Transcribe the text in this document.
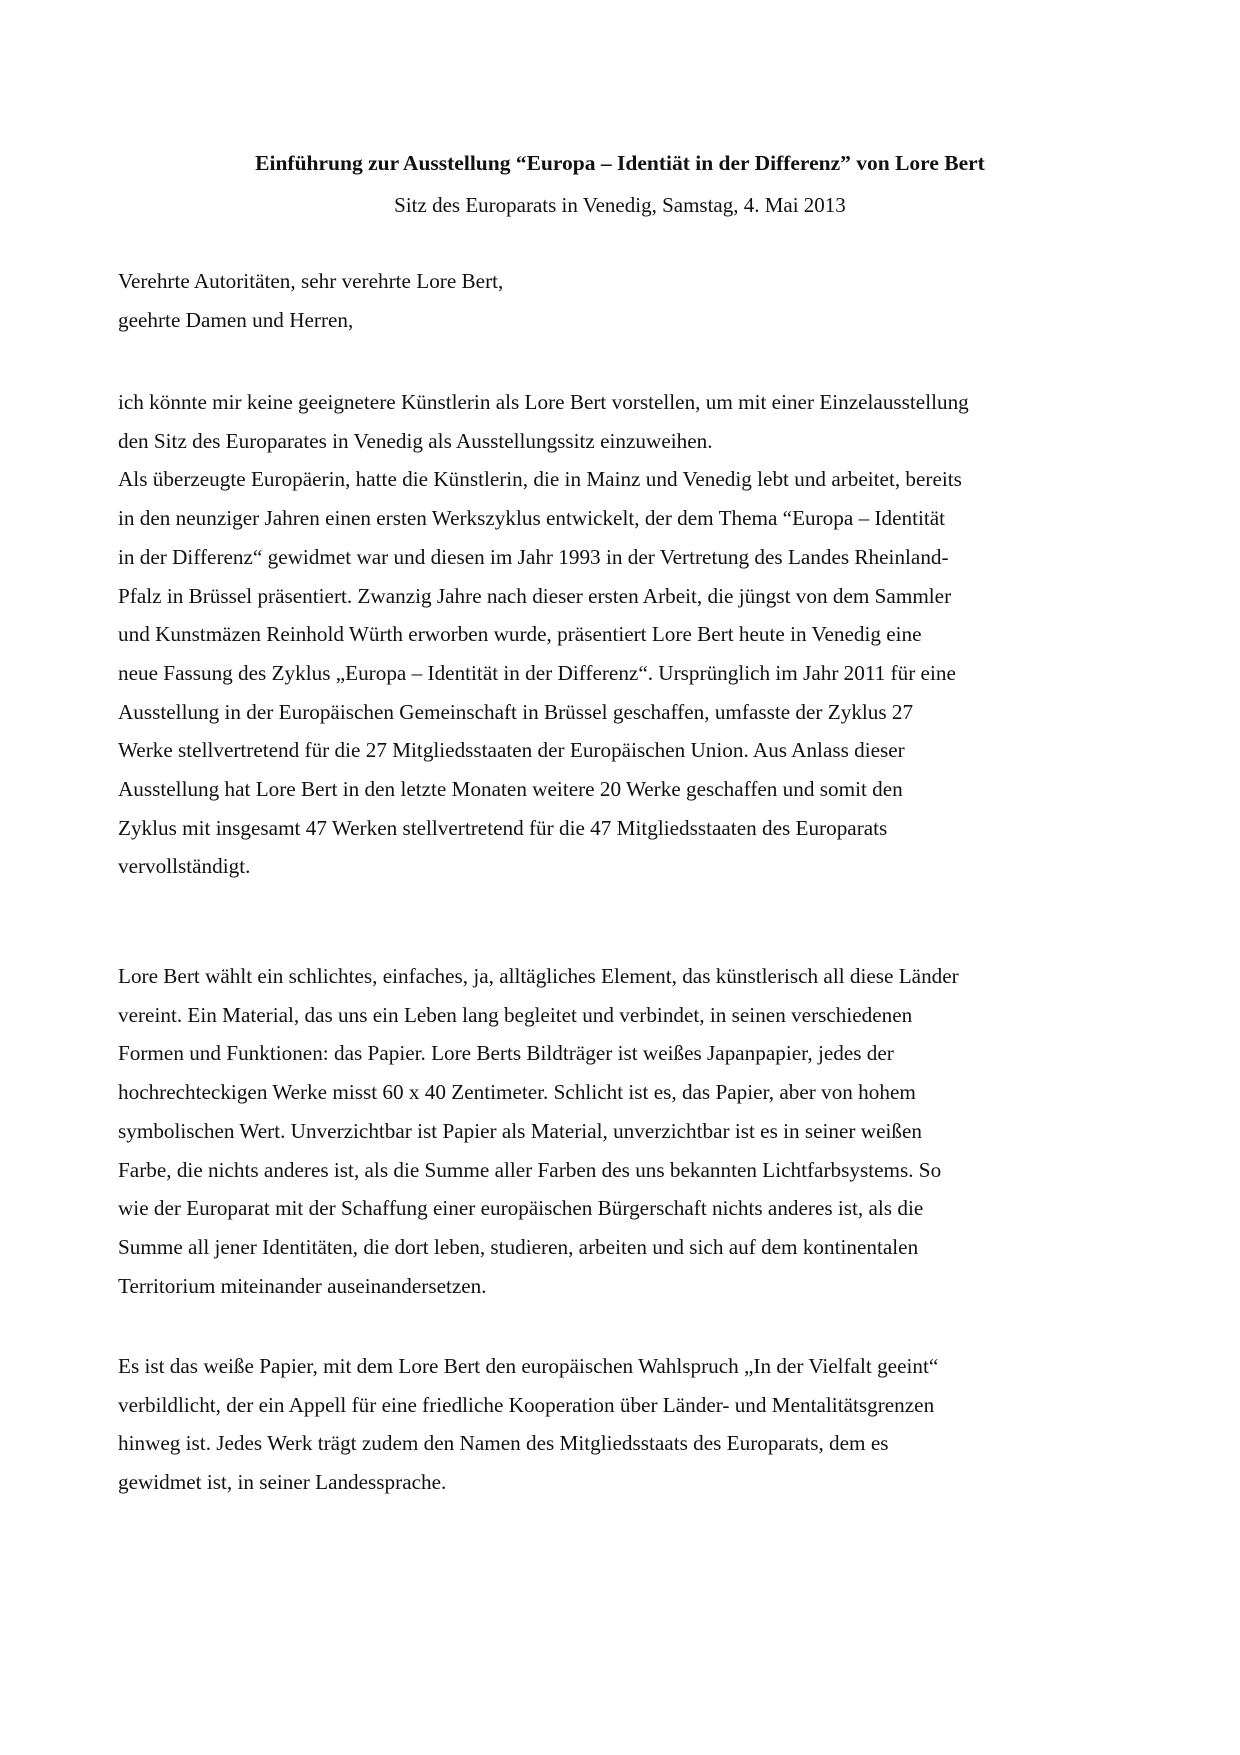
Einführung zur Ausstellung “Europa – Identiät in der Differenz” von Lore Bert

Sitz des Europarats in Venedig, Samstag, 4. Mai 2013

Verehrte Autoritäten, sehr verehrte Lore Bert,
geehrte Damen und Herren,
ich könnte mir keine geeignetere Künstlerin als Lore Bert vorstellen, um mit einer Einzelausstellung
den Sitz des Europarates in Venedig als Ausstellungssitz einzuweihen.
Als überzeugte Europäerin, hatte die Künstlerin, die in Mainz und Venedig lebt und arbeitet, bereits
in den neunziger Jahren einen ersten Werkszyklus entwickelt, der dem Thema “Europa – Identität
in der Differenz“ gewidmet war und diesen im Jahr 1993 in der Vertretung des Landes Rheinland-
Pfalz in Brüssel präsentiert. Zwanzig Jahre nach dieser ersten Arbeit, die jüngst von dem Sammler
und Kunstmäzen Reinhold Würth erworben wurde, präsentiert Lore Bert heute in Venedig eine
neue Fassung des Zyklus „Europa – Identität in der Differenz“. Ursprünglich im Jahr 2011 für eine
Ausstellung in der Europäischen Gemeinschaft in Brüssel geschaffen, umfasste der Zyklus 27
Werke stellvertretend für die 27 Mitgliedsstaaten der Europäischen Union. Aus Anlass dieser
Ausstellung hat Lore Bert in den letzte Monaten weitere 20 Werke geschaffen und somit den
Zyklus mit insgesamt 47 Werken stellvertretend für die 47 Mitgliedsstaaten des Europarats
vervollständigt.
Lore Bert wählt ein schlichtes, einfaches, ja, alltägliches Element, das künstlerisch all diese Länder
vereint. Ein Material, das uns ein Leben lang begleitet und verbindet, in seinen verschiedenen
Formen und Funktionen: das Papier. Lore Berts Bildträger ist weißes Japanpapier, jedes der
hochrechteckigen Werke misst 60 x 40 Zentimeter. Schlicht ist es, das Papier, aber von hohem
symbolischen Wert. Unverzichtbar ist Papier als Material, unverzichtbar ist es in seiner weißen
Farbe, die nichts anderes ist, als die Summe aller Farben des uns bekannten Lichtfarbsystems. So
wie der Europarat mit der Schaffung einer europäischen Bürgerschaft nichts anderes ist, als die
Summe all jener Identitäten, die dort leben, studieren, arbeiten und sich auf dem kontinentalen
Territorium miteinander auseinandersetzen.
Es ist das weiße Papier, mit dem Lore Bert den europäischen Wahlspruch „In der Vielfalt geeint“
verbildlicht, der ein Appell für eine friedliche Kooperation über Länder- und Mentalitätsgrenzen
hinweg ist. Jedes Werk trägt zudem den Namen des Mitgliedsstaats des Europarats, dem es
gewidmet ist, in seiner Landessprache.
